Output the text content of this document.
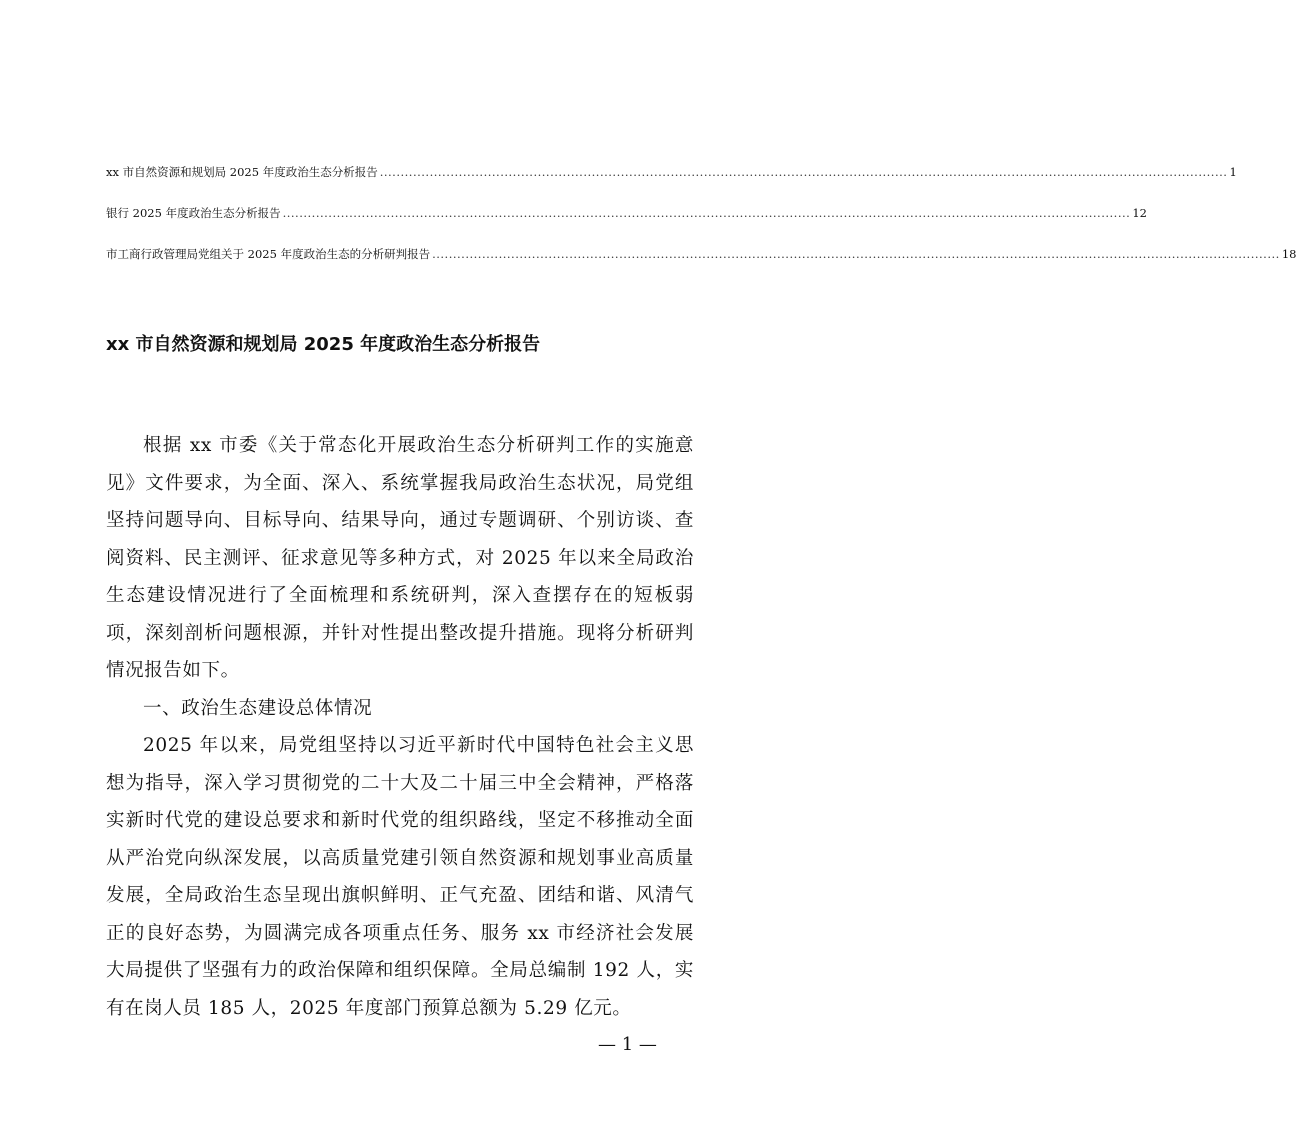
xx 市自然资源和规划局 2025 年度政治生态分析报告 ............................................................................................................................................................................................................ 1
银行 2025 年度政治生态分析报告 ............................................................................................................................................................................................................ 12
市工商行政管理局党组关于 2025 年度政治生态的分析研判报告 ............................................................................................................................................................................................................ 18
xx 市自然资源和规划局 2025 年度政治生态分析报告

根据 xx 市委《关于常态化开展政治生态分析研判工作的实施意见》文件要求，为全面、深入、系统掌握我局政治生态状况，局党组坚持问题导向、目标导向、结果导向，通过专题调研、个别访谈、查阅资料、民主测评、征求意见等多种方式，对 2025 年以来全局政治生态建设情况进行了全面梳理和系统研判，深入查摆存在的短板弱项，深刻剖析问题根源，并针对性提出整改提升措施。现将分析研判情况报告如下。

一、政治生态建设总体情况

2025 年以来，局党组坚持以习近平新时代中国特色社会主义思想为指导，深入学习贯彻党的二十大及二十届三中全会精神，严格落实新时代党的建设总要求和新时代党的组织路线，坚定不移推动全面从严治党向纵深发展，以高质量党建引领自然资源和规划事业高质量发展，全局政治生态呈现出旗帜鲜明、正气充盈、团结和谐、风清气正的良好态势，为圆满完成各项重点任务、服务 xx 市经济社会发展大局提供了坚强有力的政治保障和组织保障。全局总编制 192 人，实有在岗人员 185 人，2025 年度部门预算总额为 5.29 亿元。

— 1 —
